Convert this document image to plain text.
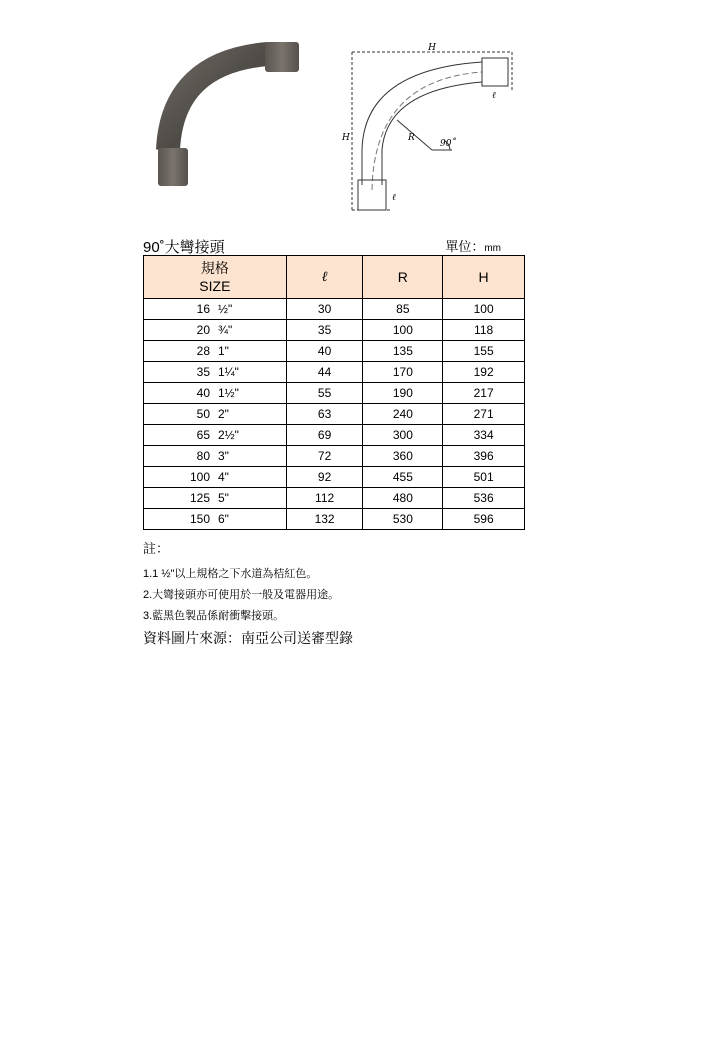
H
H	R
90˚
ℓ
ℓ
90˚大彎接頭	單位：mm
規格
SIZE	ℓ	R	H
16 ½"	30	85	100
20 ¾"	35	100	118
28 1"	40	135	155
35 1¼"	44	170	192
40 1½"	55	190	217
50 2"	63	240	271
65 2½"	69	300	334
80 3"	72	360	396
100 4"	92	455	501
125 5"	112	480	536
150 6"	132	530	596
註：
1.1 ½"以上規格之下水道為桔紅色。
2.大彎接頭亦可使用於一般及電器用途。
3.藍黑色製品係耐衝擊接頭。
資料圖片來源：南亞公司送審型錄
